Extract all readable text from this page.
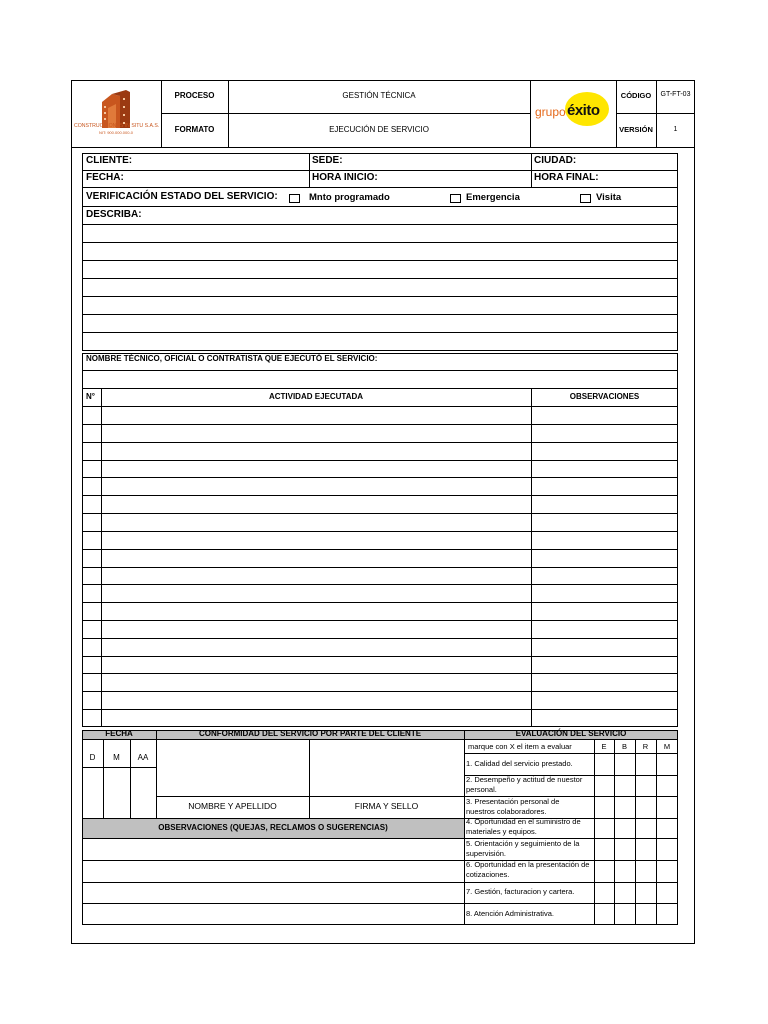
CONSTRUCCIONES IN SITU S.A.S.
NIT: 900.000.000-0
PROCESO	GESTIÓN TÉCNICA
FORMATO	EJECUCIÓN DE SERVICIO
grupo éxito
CÓDIGO	GT-FT-03
VERSIÓN	1
CLIENTE:	SEDE:	CIUDAD:
FECHA:	HORA INICIO:	HORA FINAL:
VERIFICACIÓN ESTADO DEL SERVICIO:	Mnto programado	Emergencia	Visita
DESCRIBA:
NOMBRE TÉCNICO, OFICIAL O CONTRATISTA QUE EJECUTÓ EL SERVICIO:
N°	ACTIVIDAD EJECUTADA	OBSERVACIONES
FECHA	CONFORMIDAD DEL SERVICIO POR PARTE DEL CLIENTE	EVALUACIÓN DEL SERVICIO
D	M	AA
NOMBRE Y APELLIDO	FIRMA Y SELLO
OBSERVACIONES (QUEJAS, RECLAMOS O SUGERENCIAS)
marque con X el item a evaluar	E	B	R	M
1. Calidad del servicio prestado.
2. Desempeño y actitud de nuestor personal.
3. Presentación personal de nuestros colaboradores.
4. Oportunidad en el suministro de materiales y equipos.
5. Orientación y seguimiento de la supervisión.
6. Oportunidad en la presentación de cotizaciones.
7. Gestión, facturacion y cartera.
8. Atención Administrativa.
